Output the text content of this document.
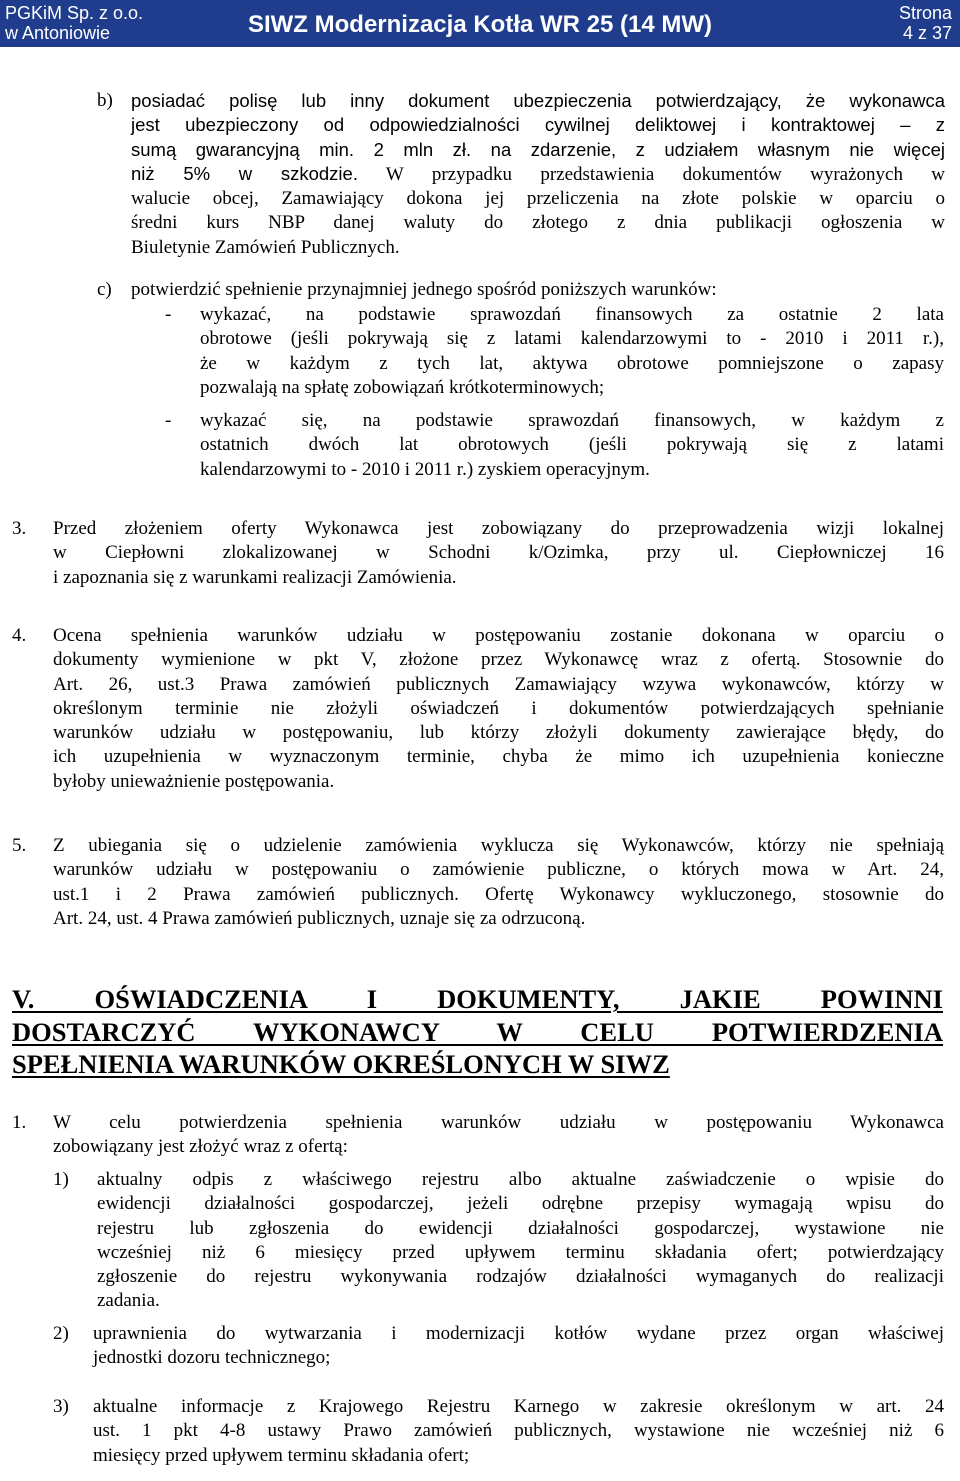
PGKiM Sp. z o.o.
w Antoniowie	SIWZ Modernizacja Kotła WR 25 (14 MW)	Strona
4 z 37
b) posiadać polisę lub inny dokument ubezpieczenia potwierdzający, że wykonawca
jest ubezpieczony od odpowiedzialności cywilnej deliktowej i kontraktowej – z
sumą gwarancyjną min. 2 mln zł. na zdarzenie, z udziałem własnym nie więcej
niż 5% w szkodzie. W przypadku przedstawienia dokumentów wyrażonych w
walucie obcej, Zamawiający dokona jej przeliczenia na złote polskie w oparciu o
średni kurs NBP danej waluty do złotego z dnia publikacji ogłoszenia w
Biuletynie Zamówień Publicznych.
c) potwierdzić spełnienie przynajmniej jednego spośród poniższych warunków:
- wykazać, na podstawie sprawozdań finansowych za ostatnie 2 lata
obrotowe (jeśli pokrywają się z latami kalendarzowymi to - 2010 i 2011 r.),
że w każdym z tych lat, aktywa obrotowe pomniejszone o zapasy
pozwalają na spłatę zobowiązań krótkoterminowych;
- wykazać się, na podstawie sprawozdań finansowych, w każdym z
ostatnich dwóch lat obrotowych (jeśli pokrywają się z latami
kalendarzowymi to - 2010 i 2011 r.) zyskiem operacyjnym.
3. Przed złożeniem oferty Wykonawca jest zobowiązany do przeprowadzenia wizji lokalnej
w Ciepłowni zlokalizowanej w Schodni k/Ozimka, przy ul. Ciepłowniczej 16
i zapoznania się z warunkami realizacji Zamówienia.
4. Ocena spełnienia warunków udziału w postępowaniu zostanie dokonana w oparciu o
dokumenty wymienione w pkt V, złożone przez Wykonawcę wraz z ofertą. Stosownie do
Art. 26, ust.3 Prawa zamówień publicznych Zamawiający wzywa wykonawców, którzy w
określonym terminie nie złożyli oświadczeń i dokumentów potwierdzających spełnianie
warunków udziału w postępowaniu, lub którzy złożyli dokumenty zawierające błędy, do
ich uzupełnienia w wyznaczonym terminie, chyba że mimo ich uzupełnienia konieczne
byłoby unieważnienie postępowania.
5. Z ubiegania się o udzielenie zamówienia wyklucza się Wykonawców, którzy nie spełniają
warunków udziału w postępowaniu o zamówienie publiczne, o których mowa w Art. 24,
ust.1 i 2 Prawa zamówień publicznych. Ofertę Wykonawcy wykluczonego, stosownie do
Art. 24, ust. 4 Prawa zamówień publicznych, uznaje się za odrzuconą.
V. OŚWIADCZENIA I DOKUMENTY, JAKIE POWINNI
DOSTARCZYĆ WYKONAWCY W CELU POTWIERDZENIA
SPEŁNIENIA WARUNKÓW OKREŚLONYCH W SIWZ
1. W celu potwierdzenia spełnienia warunków udziału w postępowaniu Wykonawca
zobowiązany jest złożyć wraz z ofertą:
1) aktualny odpis z właściwego rejestru albo aktualne zaświadczenie o wpisie do
ewidencji działalności gospodarczej, jeżeli odrębne przepisy wymagają wpisu do
rejestru lub zgłoszenia do ewidencji działalności gospodarczej, wystawione nie
wcześniej niż 6 miesięcy przed upływem terminu składania ofert; potwierdzający
zgłoszenie do rejestru wykonywania rodzajów działalności wymaganych do realizacji
zadania.
2) uprawnienia do wytwarzania i modernizacji kotłów wydane przez organ właściwej
jednostki dozoru technicznego;
3) aktualne informacje z Krajowego Rejestru Karnego w zakresie określonym w art. 24
ust. 1 pkt 4-8 ustawy Prawo zamówień publicznych, wystawione nie wcześniej niż 6
miesięcy przed upływem terminu składania ofert;
